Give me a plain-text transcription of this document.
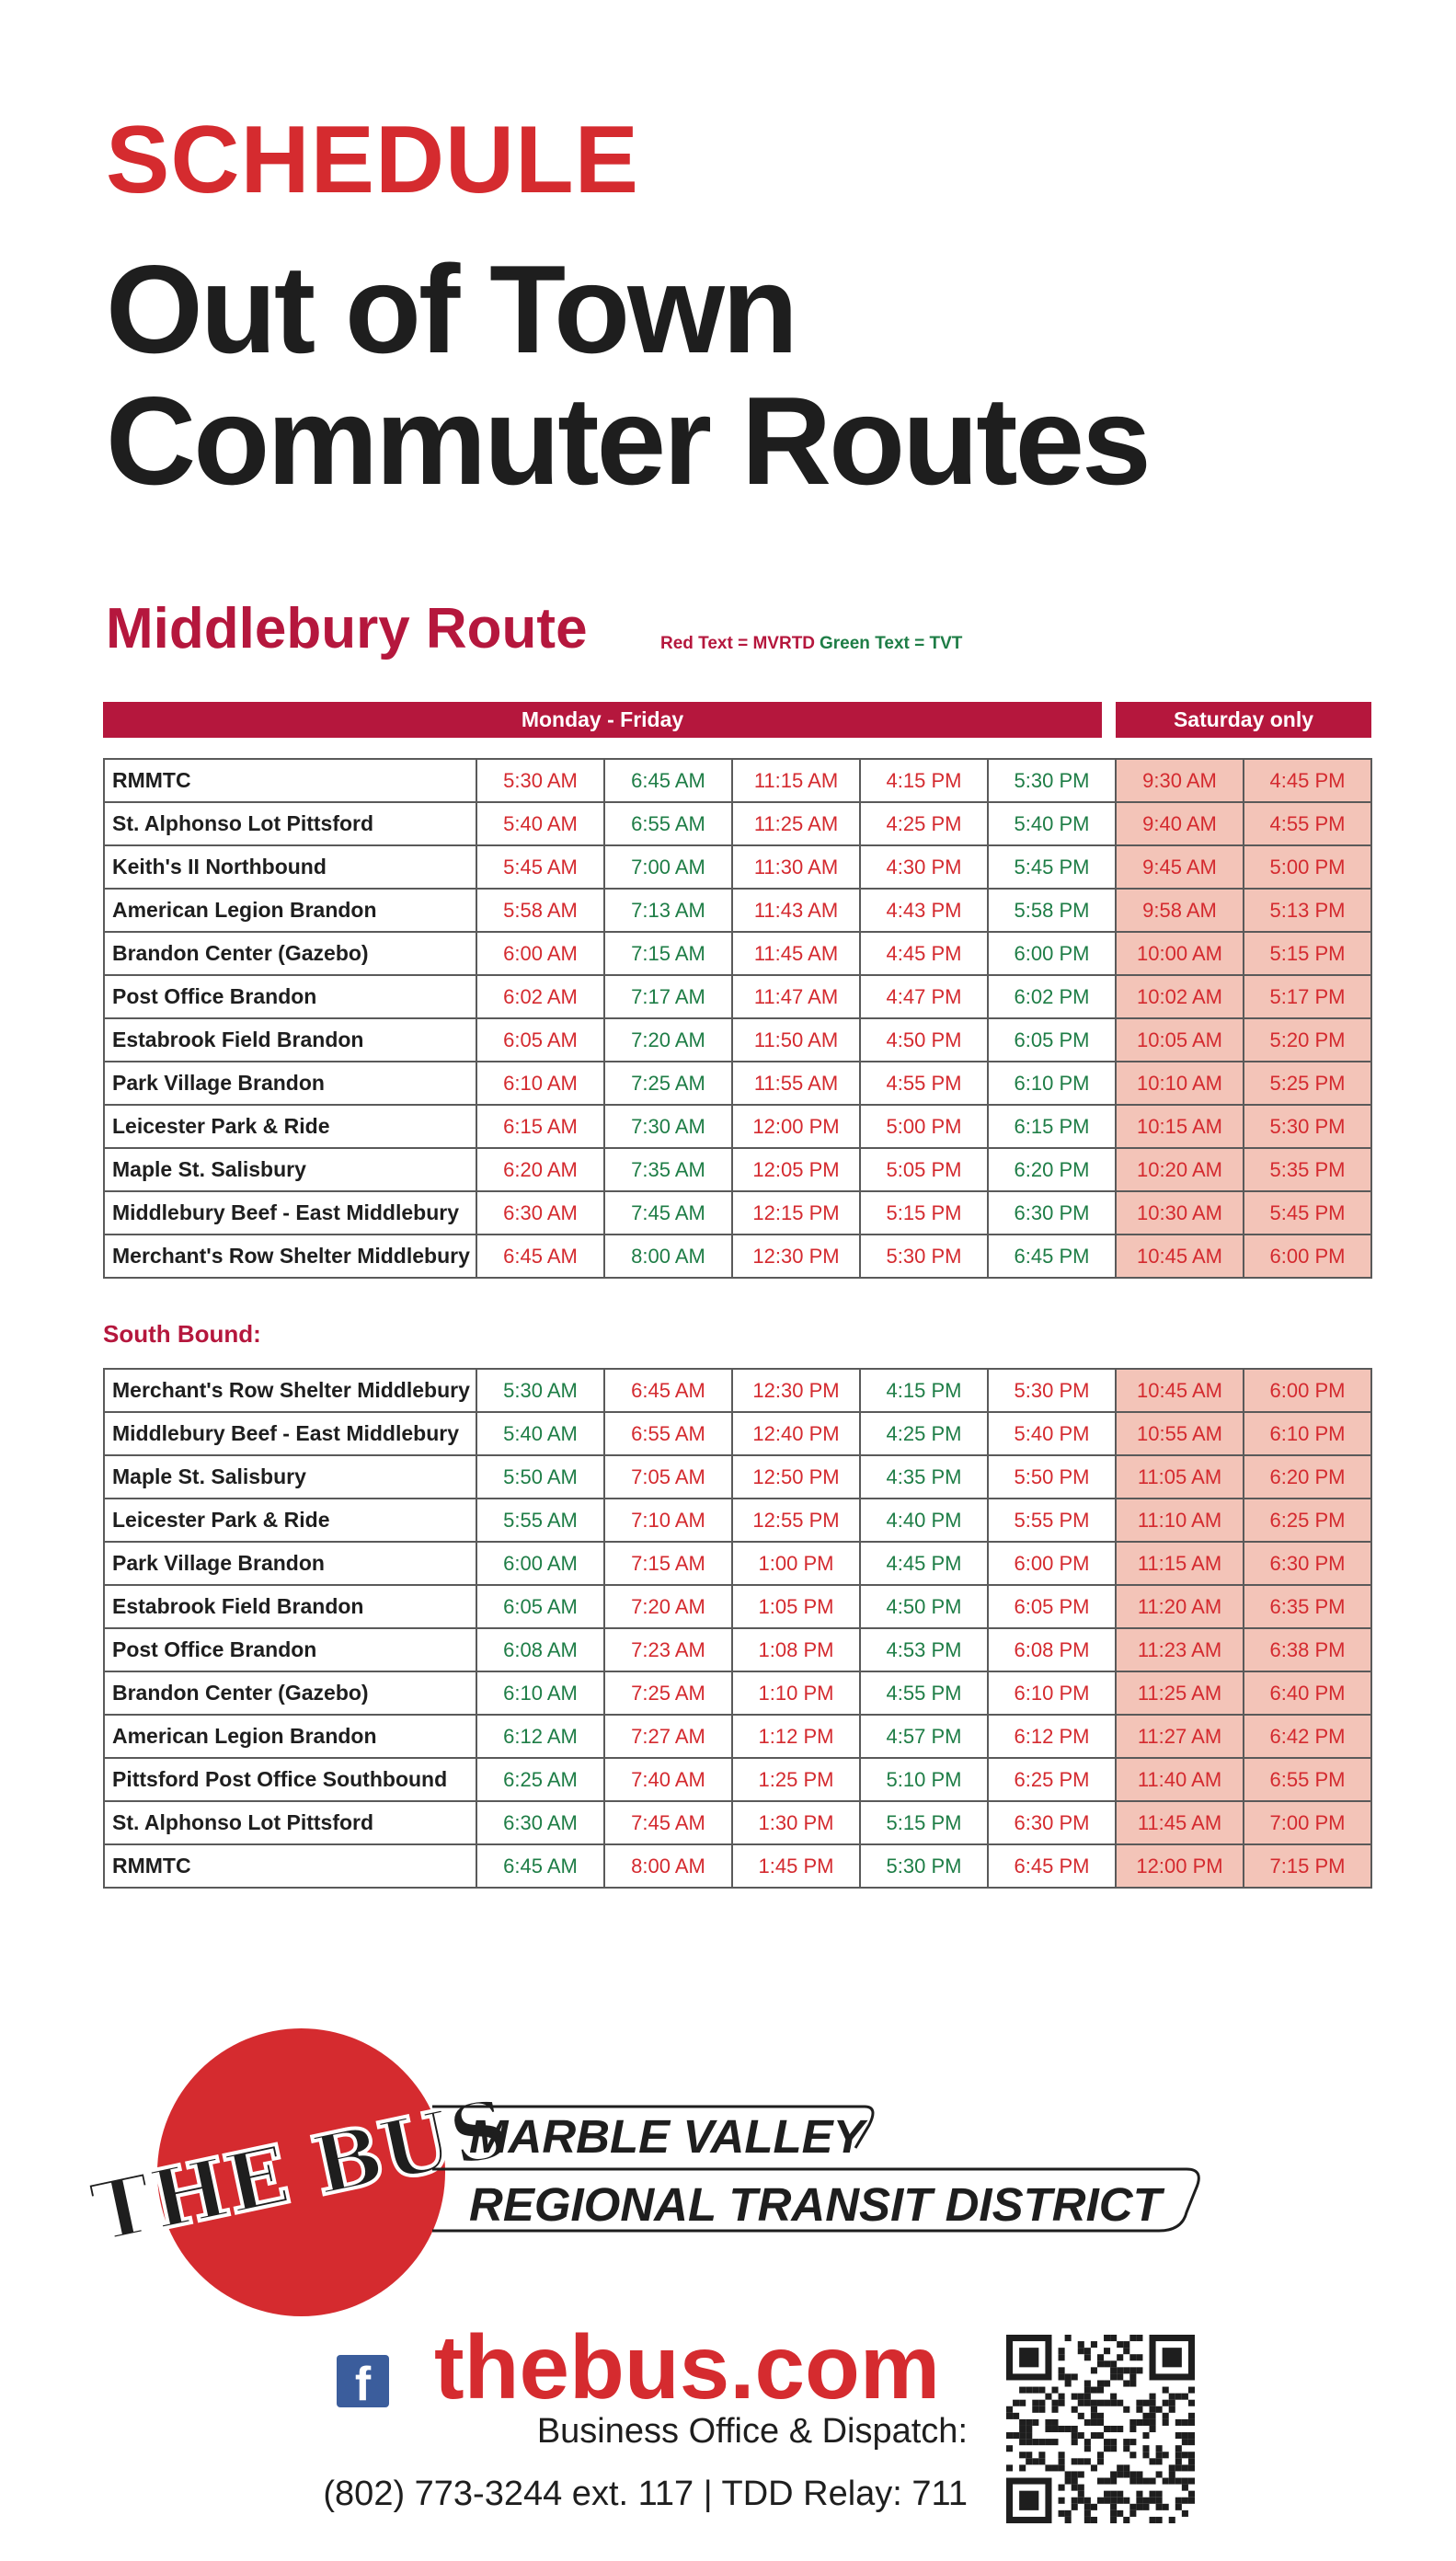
SCHEDULE
Out of Town
Commuter Routes
Middlebury Route	Red Text = MVRTD Green Text = TVT
Monday - Friday	Saturday only
RMMTC	5:30 AM	6:45 AM	11:15 AM	4:15 PM	5:30 PM	9:30 AM	4:45 PM
St. Alphonso Lot Pittsford	5:40 AM	6:55 AM	11:25 AM	4:25 PM	5:40 PM	9:40 AM	4:55 PM
Keith's II Northbound	5:45 AM	7:00 AM	11:30 AM	4:30 PM	5:45 PM	9:45 AM	5:00 PM
American Legion Brandon	5:58 AM	7:13 AM	11:43 AM	4:43 PM	5:58 PM	9:58 AM	5:13 PM
Brandon Center (Gazebo)	6:00 AM	7:15 AM	11:45 AM	4:45 PM	6:00 PM	10:00 AM	5:15 PM
Post Office Brandon	6:02 AM	7:17 AM	11:47 AM	4:47 PM	6:02 PM	10:02 AM	5:17 PM
Estabrook Field Brandon	6:05 AM	7:20 AM	11:50 AM	4:50 PM	6:05 PM	10:05 AM	5:20 PM
Park Village Brandon	6:10 AM	7:25 AM	11:55 AM	4:55 PM	6:10 PM	10:10 AM	5:25 PM
Leicester Park & Ride	6:15 AM	7:30 AM	12:00 PM	5:00 PM	6:15 PM	10:15 AM	5:30 PM
Maple St. Salisbury	6:20 AM	7:35 AM	12:05 PM	5:05 PM	6:20 PM	10:20 AM	5:35 PM
Middlebury Beef - East Middlebury	6:30 AM	7:45 AM	12:15 PM	5:15 PM	6:30 PM	10:30 AM	5:45 PM
Merchant's Row Shelter Middlebury	6:45 AM	8:00 AM	12:30 PM	5:30 PM	6:45 PM	10:45 AM	6:00 PM
South Bound:
Merchant's Row Shelter Middlebury	5:30 AM	6:45 AM	12:30 PM	4:15 PM	5:30 PM	10:45 AM	6:00 PM
Middlebury Beef - East Middlebury	5:40 AM	6:55 AM	12:40 PM	4:25 PM	5:40 PM	10:55 AM	6:10 PM
Maple St. Salisbury	5:50 AM	7:05 AM	12:50 PM	4:35 PM	5:50 PM	11:05 AM	6:20 PM
Leicester Park & Ride	5:55 AM	7:10 AM	12:55 PM	4:40 PM	5:55 PM	11:10 AM	6:25 PM
Park Village Brandon	6:00 AM	7:15 AM	1:00 PM	4:45 PM	6:00 PM	11:15 AM	6:30 PM
Estabrook Field Brandon	6:05 AM	7:20 AM	1:05 PM	4:50 PM	6:05 PM	11:20 AM	6:35 PM
Post Office Brandon	6:08 AM	7:23 AM	1:08 PM	4:53 PM	6:08 PM	11:23 AM	6:38 PM
Brandon Center (Gazebo)	6:10 AM	7:25 AM	1:10 PM	4:55 PM	6:10 PM	11:25 AM	6:40 PM
American Legion Brandon	6:12 AM	7:27 AM	1:12 PM	4:57 PM	6:12 PM	11:27 AM	6:42 PM
Pittsford Post Office Southbound	6:25 AM	7:40 AM	1:25 PM	5:10 PM	6:25 PM	11:40 AM	6:55 PM
St. Alphonso Lot Pittsford	6:30 AM	7:45 AM	1:30 PM	5:15 PM	6:30 PM	11:45 AM	7:00 PM
RMMTC	6:45 AM	8:00 AM	1:45 PM	5:30 PM	6:45 PM	12:00 PM	7:15 PM
THE BUS
MARBLE VALLEY
REGIONAL TRANSIT DISTRICT
f thebus.com
Business Office & Dispatch:
(802) 773-3244 ext. 117 | TDD Relay: 711
